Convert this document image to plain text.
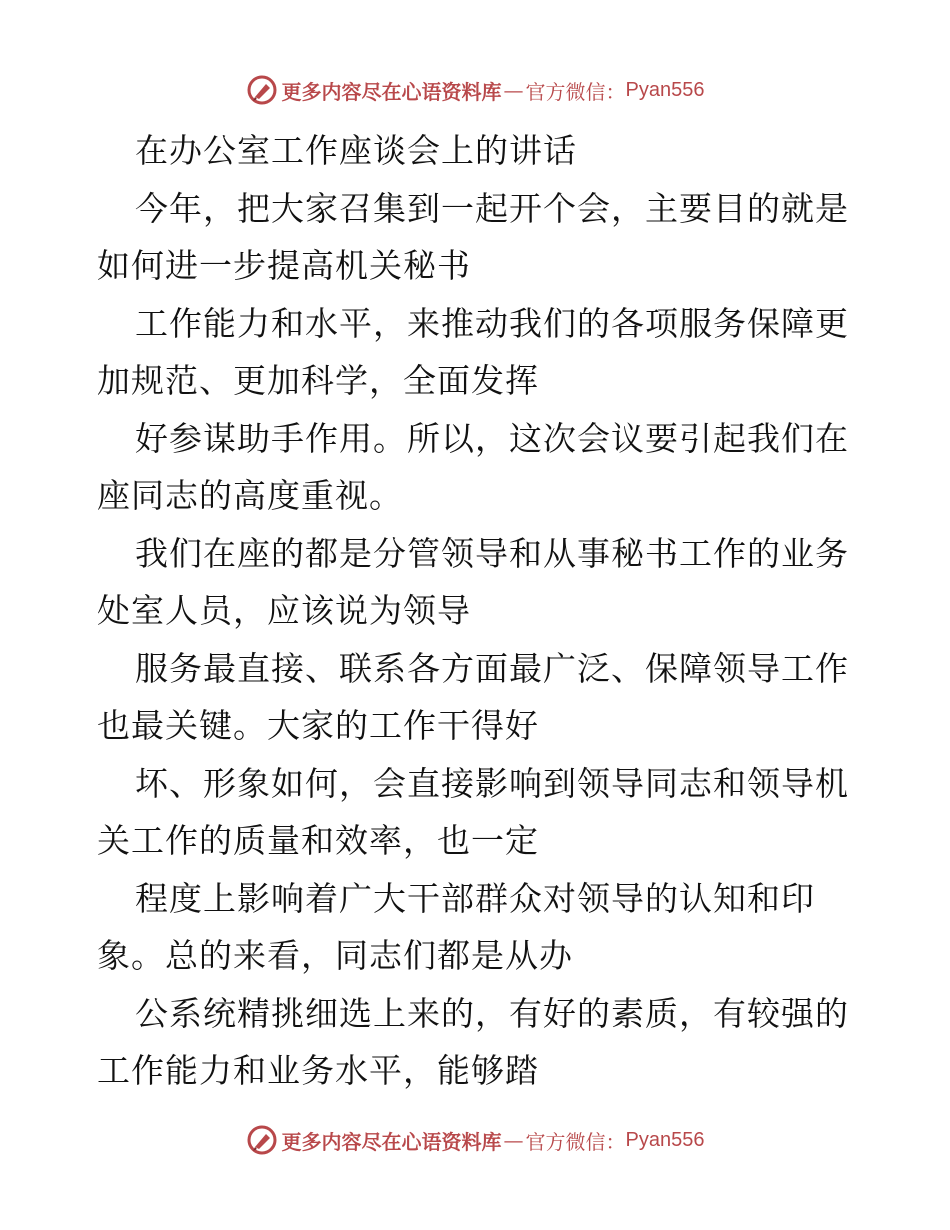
更多内容尽在心语资料库 — 官方微信： Pyan556
在办公室工作座谈会上的讲话
今年，把大家召集到一起开个会，主要目的就是
如何进一步提高机关秘书
工作能力和水平，来推动我们的各项服务保障更
加规范、更加科学，全面发挥
好参谋助手作用。所以，这次会议要引起我们在
座同志的高度重视。
我们在座的都是分管领导和从事秘书工作的业务
处室人员，应该说为领导
服务最直接、联系各方面最广泛、保障领导工作
也最关键。大家的工作干得好
坏、形象如何，会直接影响到领导同志和领导机
关工作的质量和效率，也一定
程度上影响着广大干部群众对领导的认知和印
象。总的来看，同志们都是从办
公系统精挑细选上来的，有好的素质，有较强的
工作能力和业务水平，能够踏
更多内容尽在心语资料库 — 官方微信： Pyan556
